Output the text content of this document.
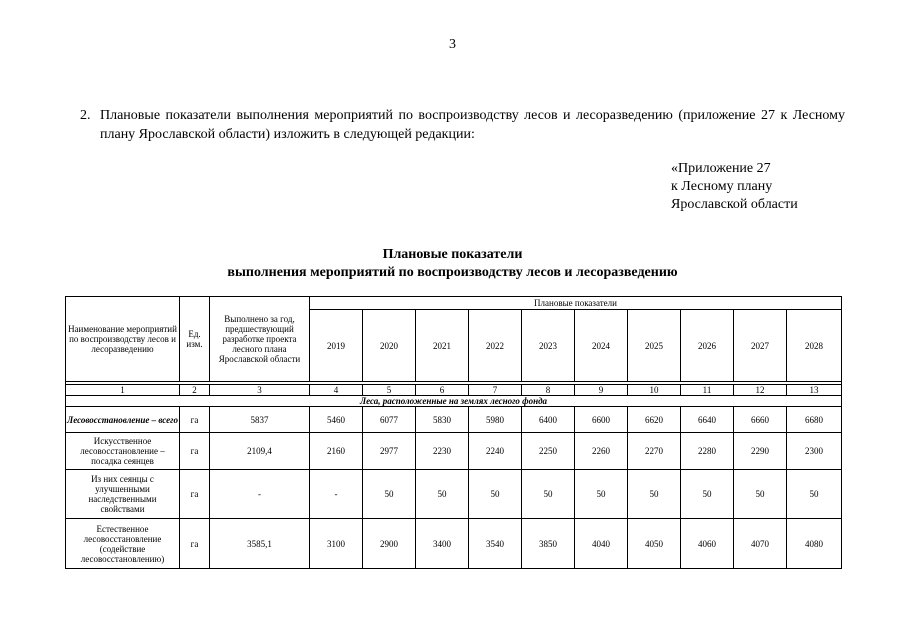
3
2. Плановые показатели выполнения мероприятий по воспроизводству лесов и лесоразведению (приложение 27 к Лесному плану Ярославской области) изложить в следующей редакции:
«Приложение 27
к Лесному плану
Ярославской области
Плановые показатели
выполнения мероприятий по воспроизводству лесов и лесоразведению
Наименование мероприятий по воспроизводству лесов и лесоразведению	Ед. изм.	Выполнено за год, предшествующий разработке проекта лесного плана Ярославской области	Плановые показатели									
			2019	2020	2021	2022	2023	2024	2025	2026	2027	2028

1	2	3	4	5	6	7	8	9	10	11	12	13
Леса, расположенные на землях лесного фонда												
Лесовосстановление – всего	га	5837	5460	6077	5830	5980	6400	6600	6620	6640	6660	6680
Искусственное лесовосстановление – посадка сеянцев	га	2109,4	2160	2977	2230	2240	2250	2260	2270	2280	2290	2300
Из них сеянцы с улучшенными наследственными свойствами	га	-	-	50	50	50	50	50	50	50	50	50
Естественное лесовосстановление (содействие лесовосстановлению)	га	3585,1	3100	2900	3400	3540	3850	4040	4050	4060	4070	4080
